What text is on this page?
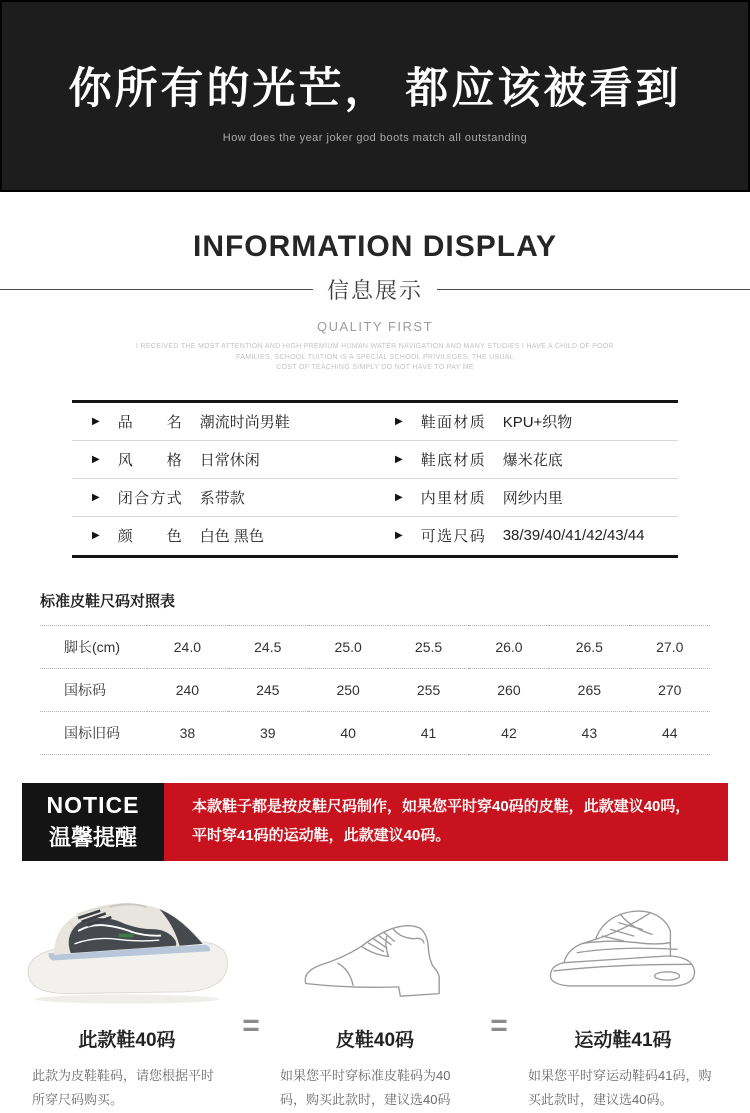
你所有的光芒， 都应该被看到
How does the year joker god boots match all outstanding
INFORMATION DISPLAY
信息展示
QUALITY FIRST
I RECEIVED THE MOST ATTENTION AND HIGH PREMIUM HUMAN WATER NAVIGATION AND MANY STUDIES I HAVE A CHILD OF POOR
FAMILIES, SCHOOL TUITION IS A SPECIAL SCHOOL PRIVILEGES. THE USUAL
COST OF TEACHING SIMPLY DO NOT HAVE TO PAY ME
▶ 品名 潮流时尚男鞋	▶ 鞋面材质 KPU+织物
▶ 风格 日常休闲	▶ 鞋底材质 爆米花底
▶ 闭合方式 系带款	▶ 内里材质 网纱内里
▶ 颜色 白色 黑色	▶ 可选尺码 38/39/40/41/42/43/44
标准皮鞋尺码对照表
脚长(cm)	24.0	24.5	25.0	25.5	26.0	26.5	27.0
国标码	240	245	250	255	260	265	270
国标旧码	38	39	40	41	42	43	44
NOTICE
温馨提醒
本款鞋子都是按皮鞋尺码制作，如果您平时穿40码的皮鞋，此款建议40吗，平时穿41码的运动鞋，此款建议40码。
此款鞋40码
此款为皮鞋鞋码，请您根据平时所穿尺码购买。
=	皮鞋40码
如果您平时穿标准皮鞋码为40码，购买此款时，建议选40码
=	运动鞋41码
如果您平时穿运动鞋码41码，购买此款时，建议选40码。
